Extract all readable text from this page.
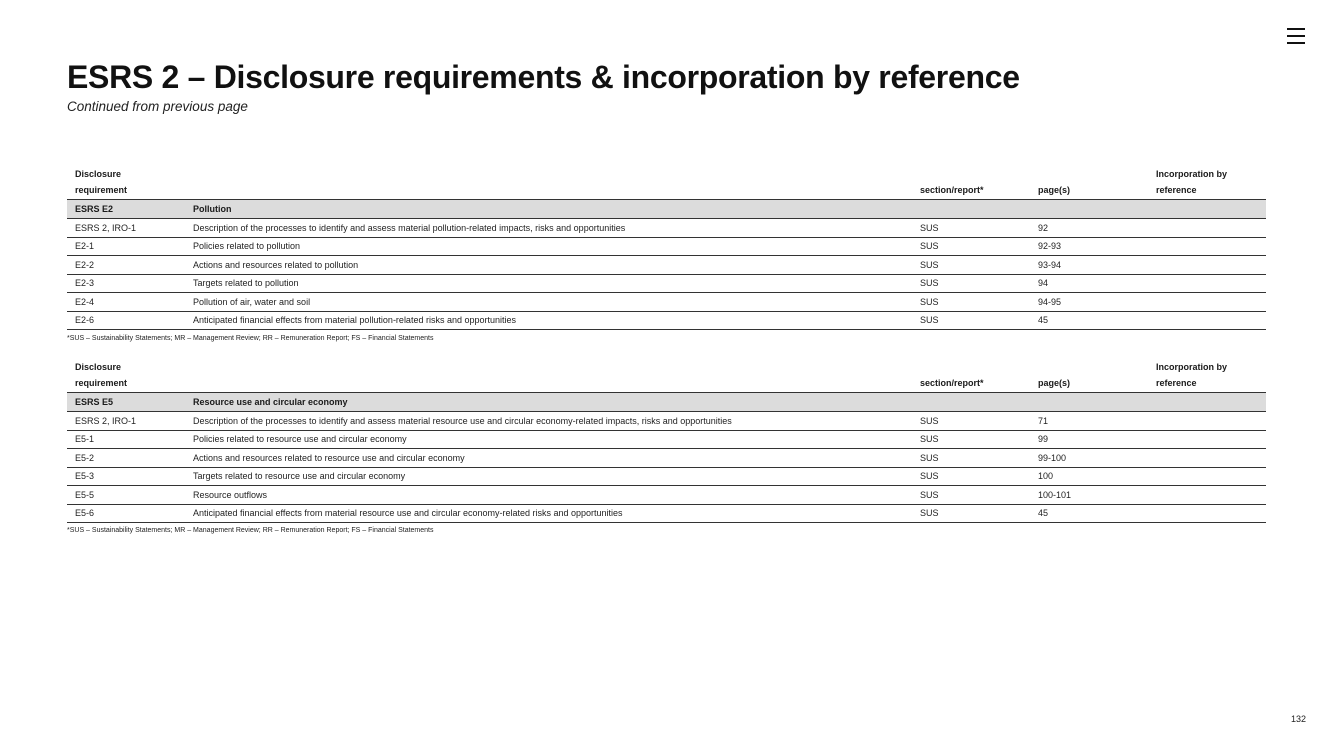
ESRS 2 – Disclosure requirements & incorporation by reference
Continued from previous page
Disclosure requirement		section/report*	page(s)	Incorporation by reference
ESRS E2	Pollution			
ESRS 2, IRO-1	Description of the processes to identify and assess material pollution-related impacts, risks and opportunities	SUS	92	
E2-1	Policies related to pollution	SUS	92-93	
E2-2	Actions and resources related to pollution	SUS	93-94	
E2-3	Targets related to pollution	SUS	94	
E2-4	Pollution of air, water and soil	SUS	94-95	
E2-6	Anticipated financial effects from material pollution-related risks and opportunities	SUS	45	
*SUS – Sustainability Statements; MR – Management Review; RR – Remuneration Report; FS – Financial Statements
Disclosure requirement		section/report*	page(s)	Incorporation by reference
ESRS E5	Resource use and circular economy			
ESRS 2, IRO-1	Description of the processes to identify and assess material resource use and circular economy-related impacts, risks and opportunities	SUS	71	
E5-1	Policies related to resource use and circular economy	SUS	99	
E5-2	Actions and resources related to resource use and circular economy	SUS	99-100	
E5-3	Targets related to resource use and circular economy	SUS	100	
E5-5	Resource outflows	SUS	100-101	
E5-6	Anticipated financial effects from material resource use and circular economy-related risks and opportunities	SUS	45	
*SUS – Sustainability Statements; MR – Management Review; RR – Remuneration Report; FS – Financial Statements
132
